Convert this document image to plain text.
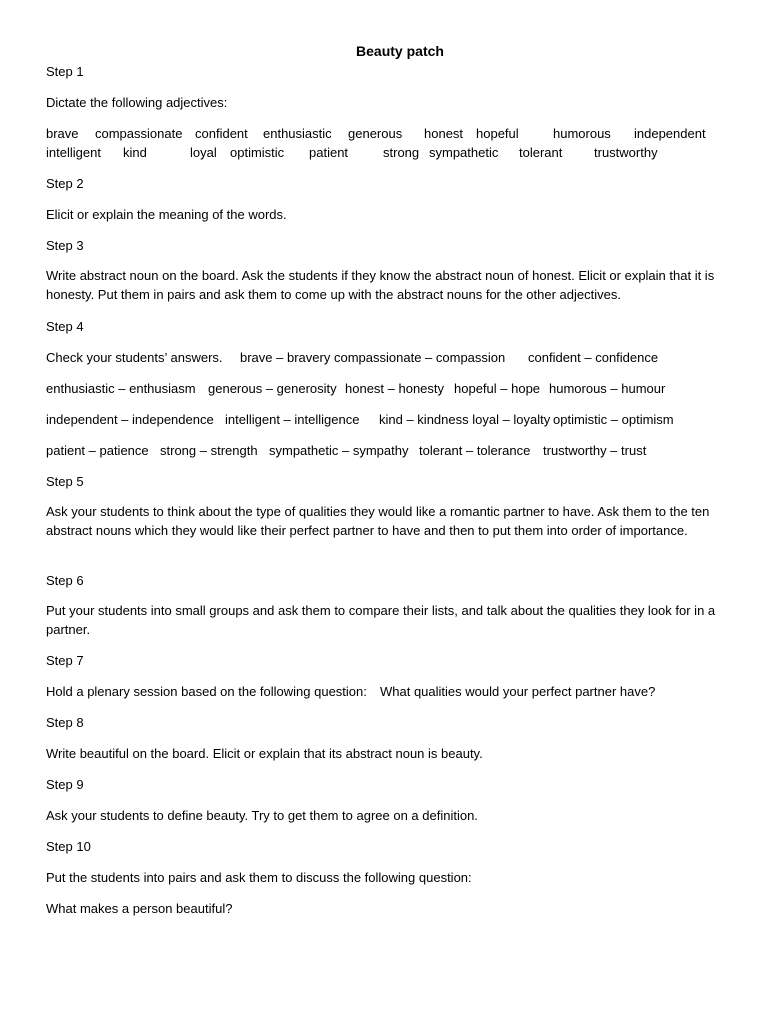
Beauty patch

Step 1

Dictate the following adjectives:

brave compassionate confident enthusiastic generous honest hopeful	humorous independent

intelligent kind	loyal optimistic patient	strong sympathetic tolerant trustworthy

Step 2

Elicit or explain the meaning of the words.

Step 3

Write abstract noun on the board. Ask the students if they know the abstract noun of honest. Elicit or explain that it is honesty. Put them in pairs and ask them to come up with the abstract nouns for the other adjectives.

Step 4

Check your students’ answers. brave – bravery compassionate – compassion confident – confidence

enthusiastic – enthusiasm generous – generosity honest – honesty hopeful – hope humorous – humour

independent – independence intelligent – intelligence kind – kindness loyal – loyalty optimistic – optimism

patient – patience strong – strength sympathetic – sympathy tolerant – tolerance trustworthy – trust

Step 5

Ask your students to think about the type of qualities they would like a romantic partner to have. Ask them to the ten abstract nouns which they would like their perfect partner to have and then to put them into order of importance.

Step 6

Put your students into small groups and ask them to compare their lists, and talk about the qualities they look for in a partner.

Step 7

Hold a plenary session based on the following question: What qualities would your perfect partner have?

Step 8

Write beautiful on the board. Elicit or explain that its abstract noun is beauty.

Step 9

Ask your students to define beauty. Try to get them to agree on a definition.

Step 10

Put the students into pairs and ask them to discuss the following question:

What makes a person beautiful?
